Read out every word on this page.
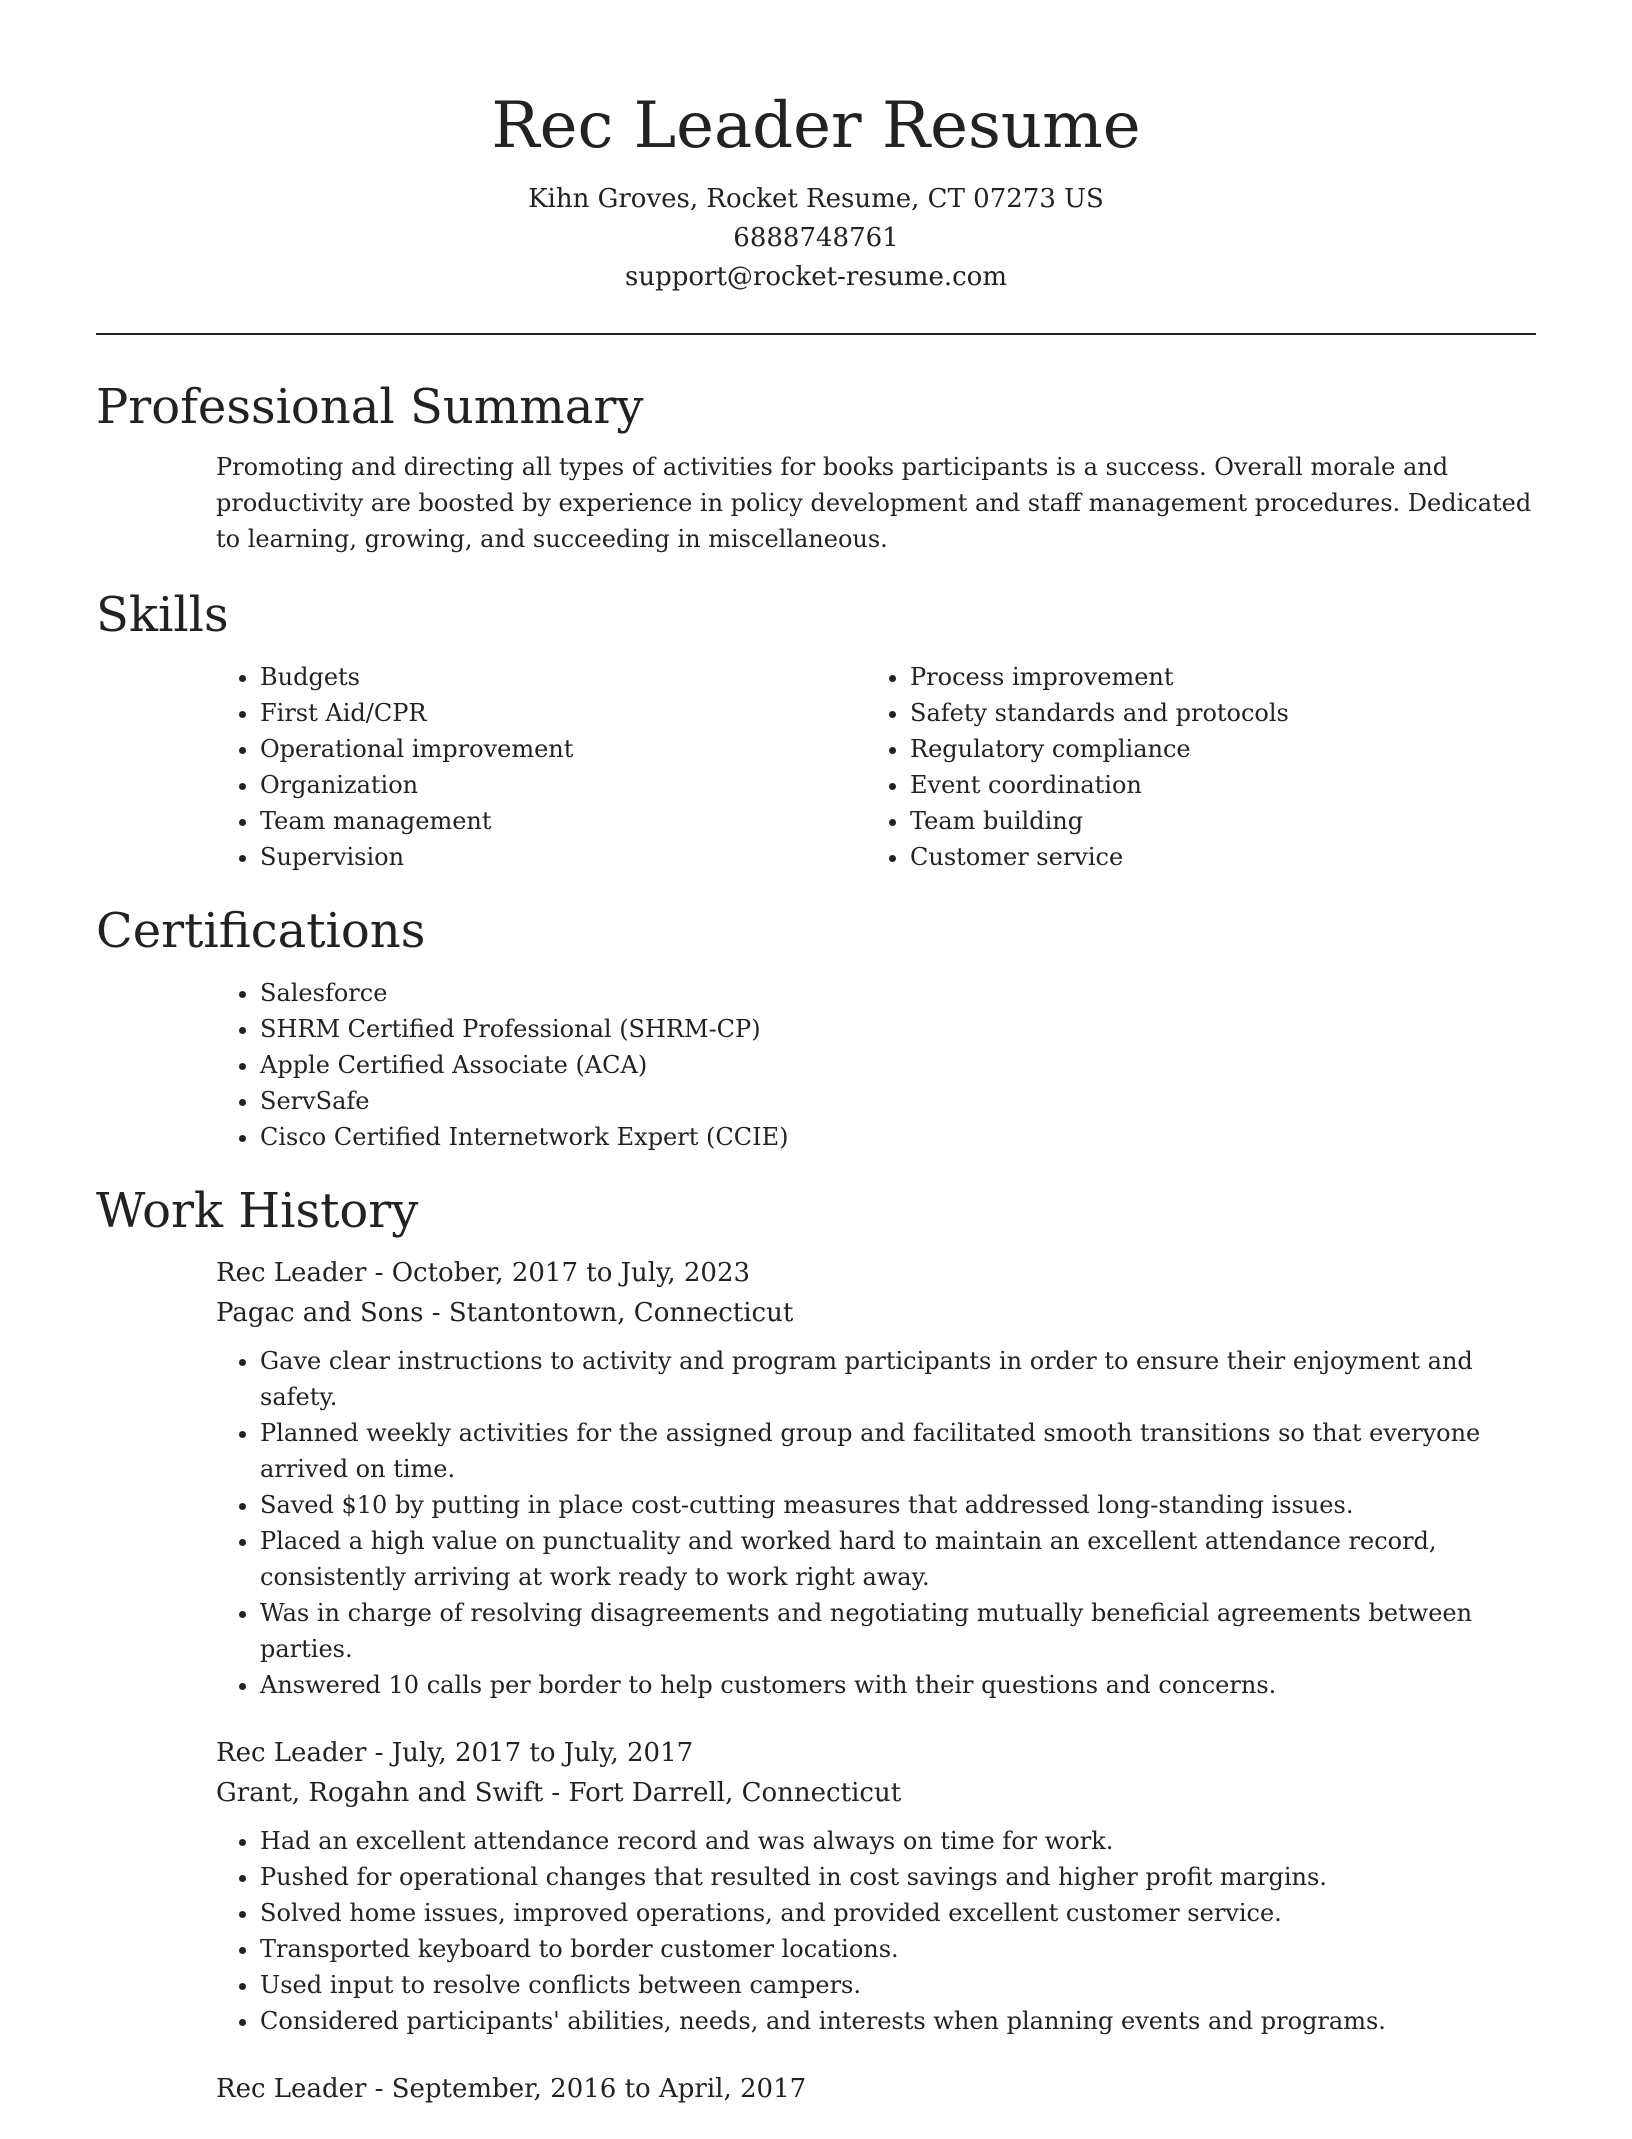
Rec Leader Resume

Kihn Groves, Rocket Resume, CT 07273 US

6888748761

support@rocket-resume.com

Professional Summary

Promoting and directing all types of activities for books participants is a success. Overall morale and productivity are boosted by experience in policy development and staff management procedures. Dedicated to learning, growing, and succeeding in miscellaneous.

Skills
• Budgets
• First Aid/CPR
• Operational improvement
• Organization
• Team management
• Supervision
• Process improvement
• Safety standards and protocols
• Regulatory compliance
• Event coordination
• Team building
• Customer service
Certifications
• Salesforce
• SHRM Certified Professional (SHRM-CP)
• Apple Certified Associate (ACA)
• ServSafe
• Cisco Certified Internetwork Expert (CCIE)
Work History

Rec Leader - October, 2017 to July, 2023

Pagac and Sons - Stantontown, Connecticut

• Gave clear instructions to activity and program participants in order to ensure their enjoyment and safety.
• Planned weekly activities for the assigned group and facilitated smooth transitions so that everyone arrived on time.
• Saved $10 by putting in place cost-cutting measures that addressed long-standing issues.
• Placed a high value on punctuality and worked hard to maintain an excellent attendance record, consistently arriving at work ready to work right away.
• Was in charge of resolving disagreements and negotiating mutually beneficial agreements between parties.
• Answered 10 calls per border to help customers with their questions and concerns.

Rec Leader - July, 2017 to July, 2017

Grant, Rogahn and Swift - Fort Darrell, Connecticut

• Had an excellent attendance record and was always on time for work.
• Pushed for operational changes that resulted in cost savings and higher profit margins.
• Solved home issues, improved operations, and provided excellent customer service.
• Transported keyboard to border customer locations.
• Used input to resolve conflicts between campers.
• Considered participants' abilities, needs, and interests when planning events and programs.

Rec Leader - September, 2016 to April, 2017
